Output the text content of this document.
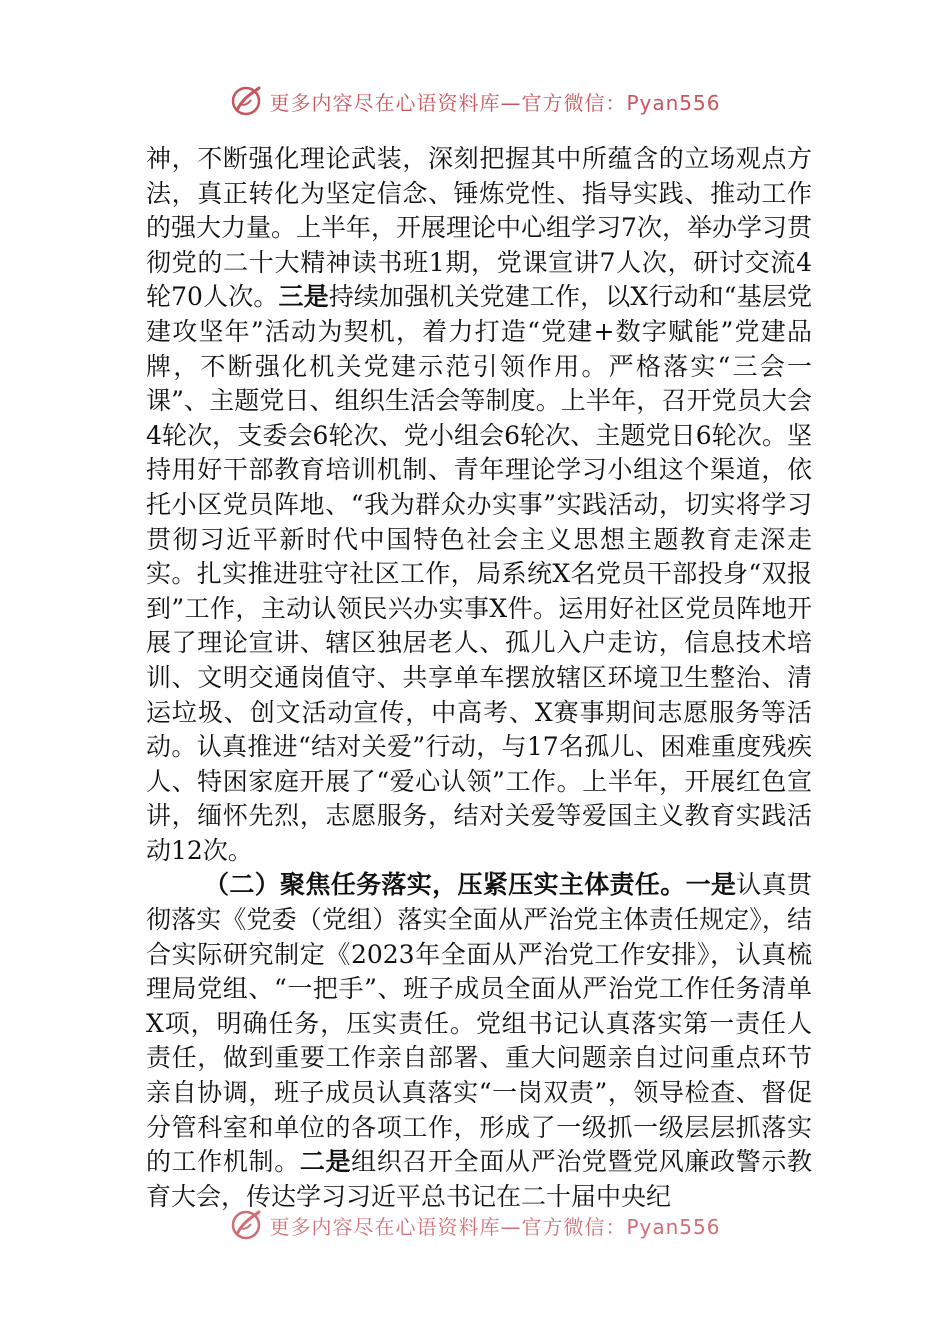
更多内容尽在心语资料库—官方微信：Pyan556

神，不断强化理论武装，深刻把握其中所蕴含的立场观点方法，真正转化为坚定信念、锤炼党性、指导实践、推动工作的强大力量。上半年，开展理论中心组学习7次，举办学习贯彻党的二十大精神读书班1期，党课宣讲7人次，研讨交流4轮70人次。三是持续加强机关党建工作，以X行动和“基层党建攻坚年”活动为契机，着力打造“党建+数字赋能”党建品牌，不断强化机关党建示范引领作用。严格落实“三会一课”、主题党日、组织生活会等制度。上半年，召开党员大会4轮次，支委会6轮次、党小组会6轮次、主题党日6轮次。坚持用好干部教育培训机制、青年理论学习小组这个渠道，依托小区党员阵地、“我为群众办实事”实践活动，切实将学习贯彻习近平新时代中国特色社会主义思想主题教育走深走实。扎实推进驻守社区工作，局系统X名党员干部投身“双报到”工作，主动认领民兴办实事X件。运用好社区党员阵地开展了理论宣讲、辖区独居老人、孤儿入户走访，信息技术培训、文明交通岗值守、共享单车摆放辖区环境卫生整治、清运垃圾、创文活动宣传，中高考、X赛事期间志愿服务等活动。认真推进“结对关爱”行动，与17名孤儿、困难重度残疾人、特困家庭开展了“爱心认领”工作。上半年，开展红色宣讲，缅怀先烈，志愿服务，结对关爱等爱国主义教育实践活动12次。

（二）聚焦任务落实，压紧压实主体责任。一是认真贯彻落实《党委（党组）落实全面从严治党主体责任规定》，结合实际研究制定《2023年全面从严治党工作安排》，认真梳理局党组、“一把手”、班子成员全面从严治党工作任务清单X项，明确任务，压实责任。党组书记认真落实第一责任人责任，做到重要工作亲自部署、重大问题亲自过问重点环节亲自协调，班子成员认真落实“一岗双责”，领导检查、督促分管科室和单位的各项工作，形成了一级抓一级层层抓落实的工作机制。二是组织召开全面从严治党暨党风廉政警示教育大会，传达学习习近平总书记在二十届中央纪

更多内容尽在心语资料库—官方微信：Pyan556
